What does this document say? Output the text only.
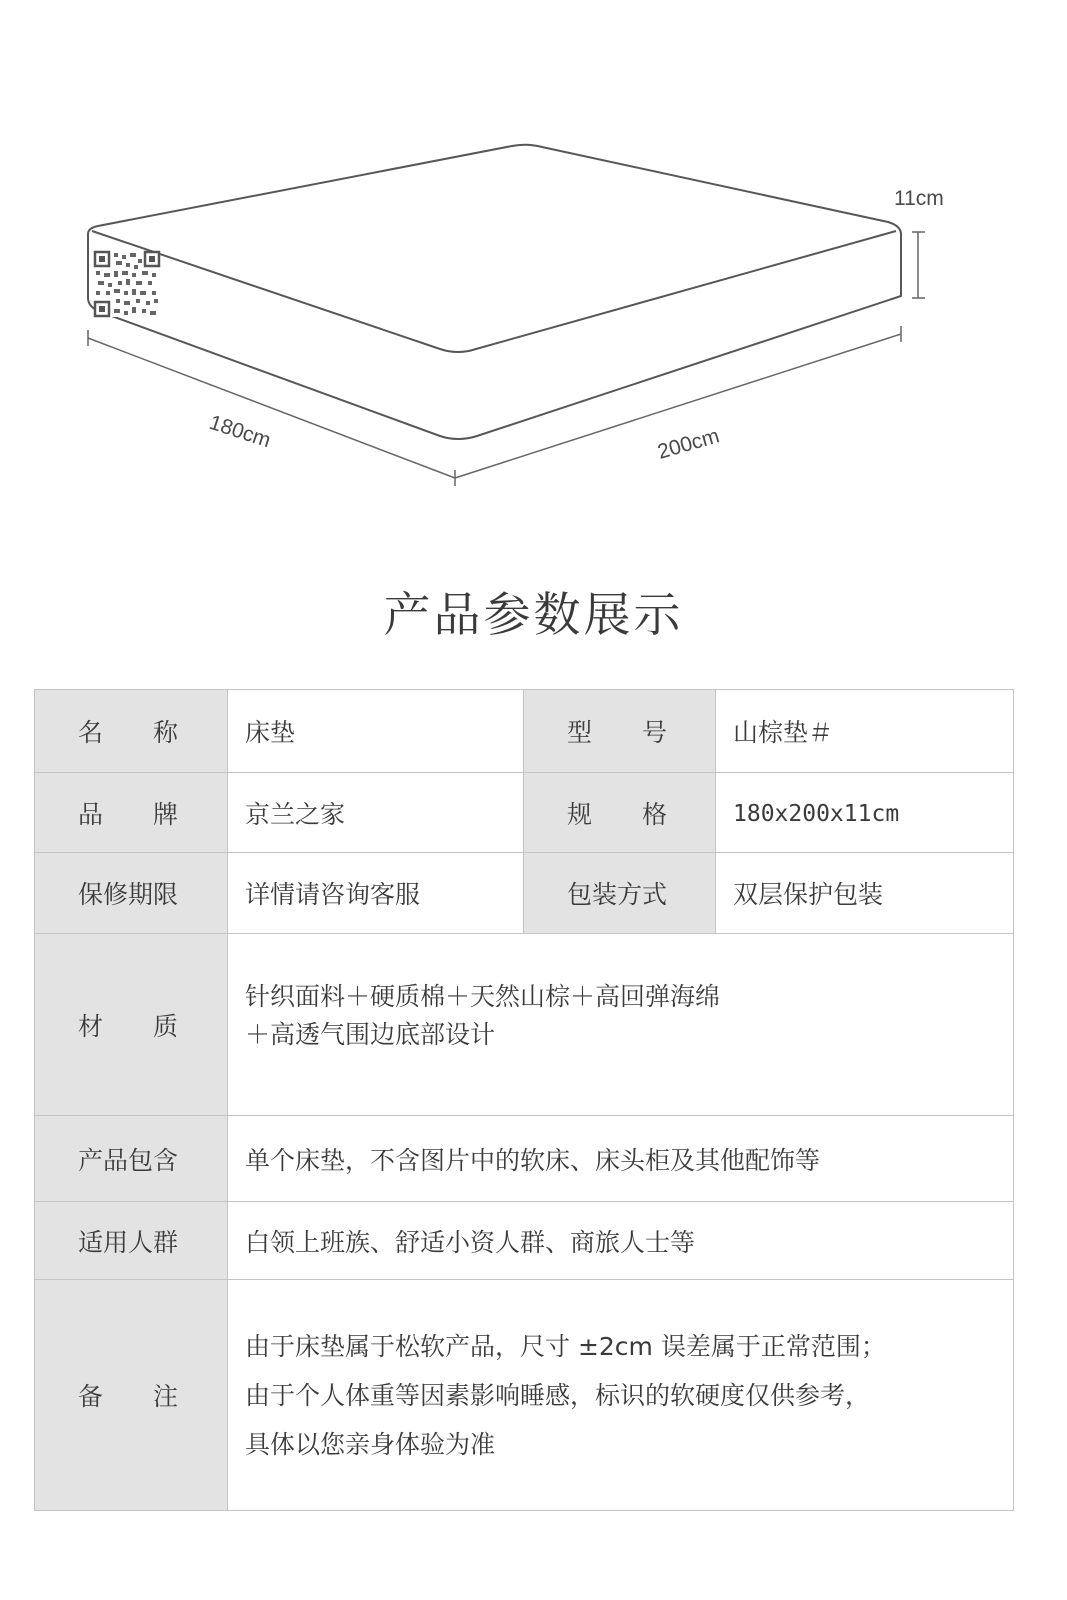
11cm
180cm	200cm
产品参数展示
名　　称	床垫	型　　号	山棕垫＃

品　　牌	京兰之家	规　　格	180x200x11cm

保修期限	详情请咨询客服	包装方式	双层保护包装

材　　质	针织面料＋硬质棉＋天然山棕＋高回弹海绵
＋高透气围边底部设计		

产品包含	单个床垫，不含图片中的软床、床头柜及其他配饰等		

适用人群	白领上班族、舒适小资人群、商旅人士等		

备　　注	由于床垫属于松软产品，尺寸 ±2cm 误差属于正常范围；
由于个人体重等因素影响睡感，标识的软硬度仅供参考，
具体以您亲身体验为准		
